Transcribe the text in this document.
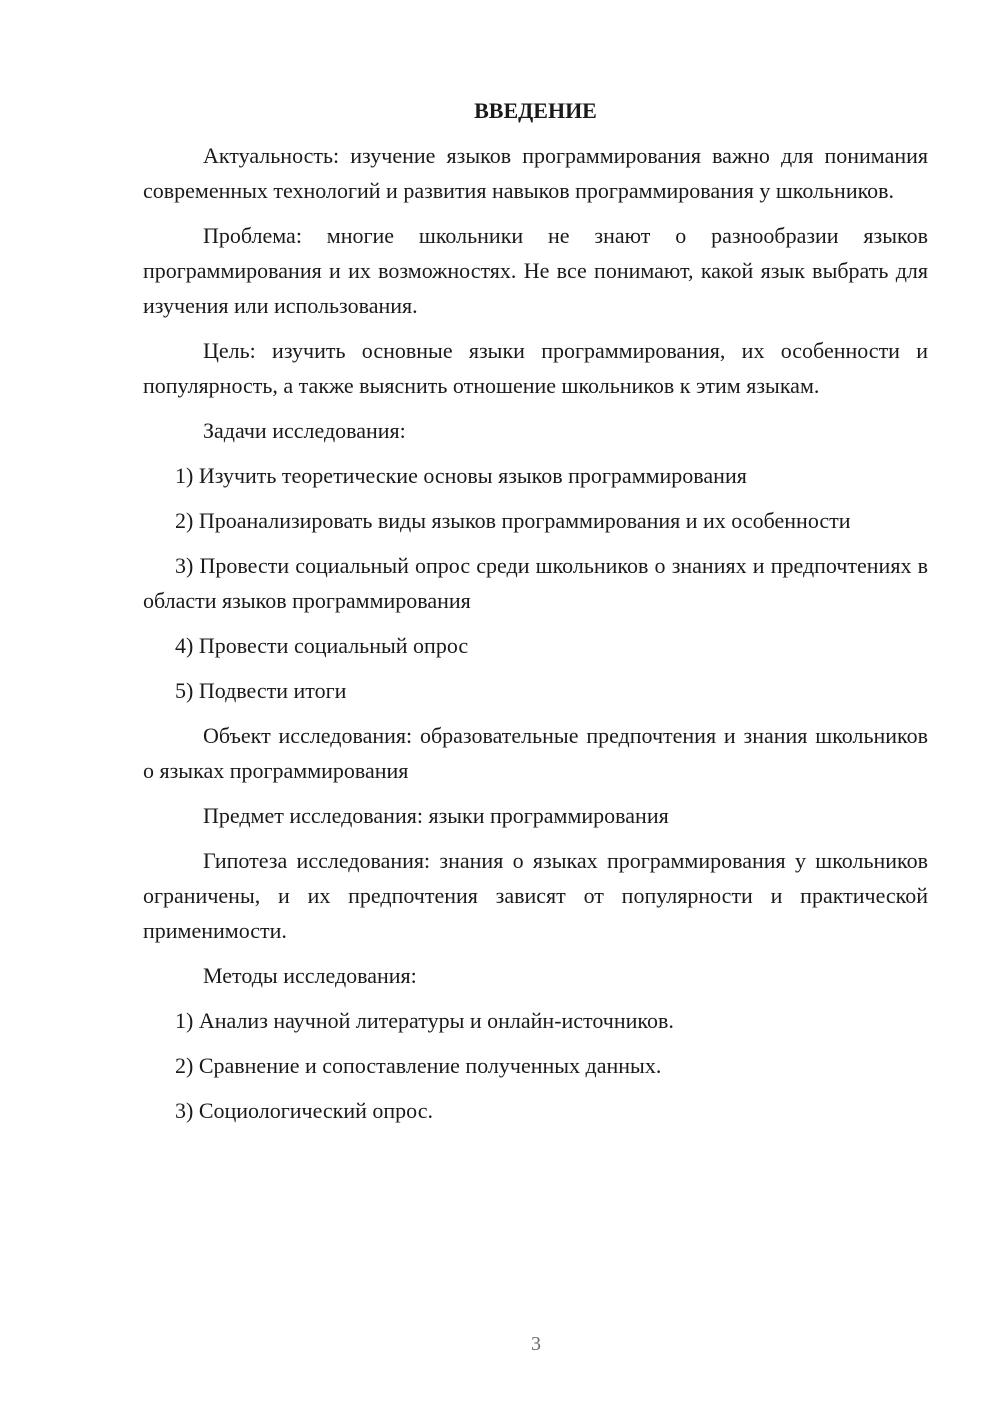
ВВЕДЕНИЕ

Актуальность: изучение языков программирования важно для понимания современных технологий и развития навыков программирования у школьников.

Проблема: многие школьники не знают о разнообразии языков программирования и их возможностях. Не все понимают, какой язык выбрать для изучения или использования.

Цель: изучить основные языки программирования, их особенности и популярность, а также выяснить отношение школьников к этим языкам.

Задачи исследования:

1) Изучить теоретические основы языков программирования

2) Проанализировать виды языков программирования и их особенности

3) Провести социальный опрос среди школьников о знаниях и предпочтениях в области языков программирования

4) Провести социальный опрос

5) Подвести итоги

Объект исследования: образовательные предпочтения и знания школьников о языках программирования

Предмет исследования: языки программирования

Гипотеза исследования: знания о языках программирования у школьников ограничены, и их предпочтения зависят от популярности и практической применимости.

Методы исследования:

1) Анализ научной литературы и онлайн-источников.

2) Сравнение и сопоставление полученных данных.

3) Социологический опрос.

3
